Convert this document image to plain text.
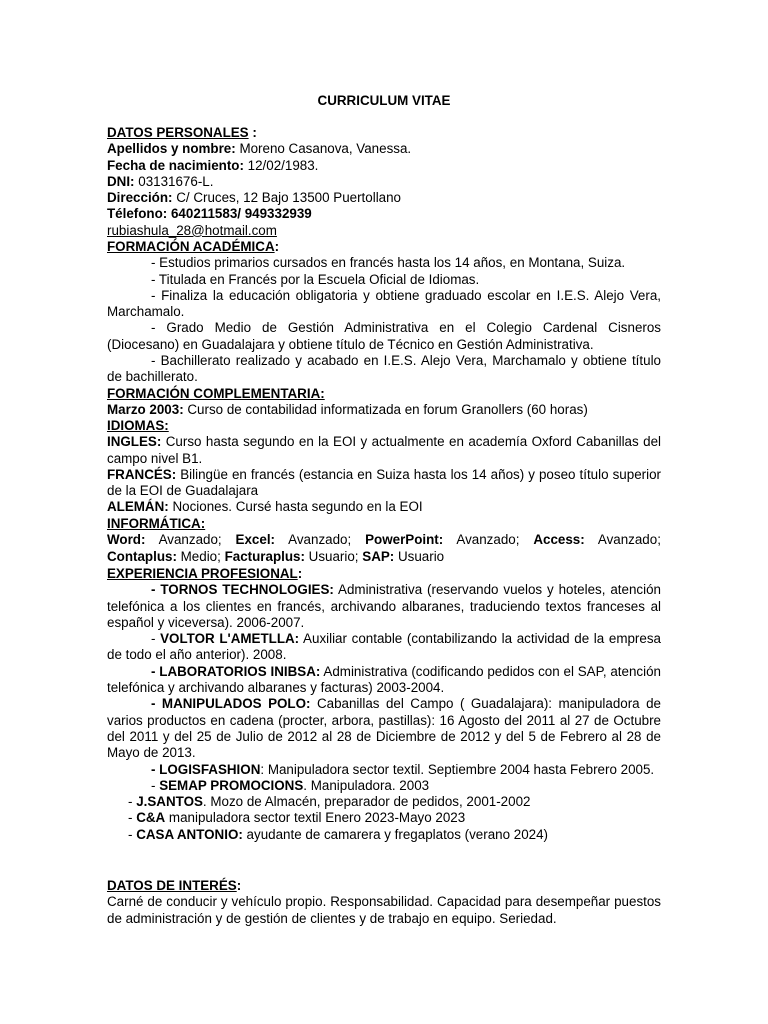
CURRICULUM VITAE
DATOS PERSONALES :
Apellidos y nombre: Moreno Casanova, Vanessa.
Fecha de nacimiento: 12/02/1983.
DNI: 03131676-L.
Dirección: C/ Cruces, 12 Bajo 13500 Puertollano
Télefono: 640211583/ 949332939
rubiashula_28@hotmail.com
FORMACIÓN ACADÉMICA:
- Estudios primarios cursados en francés hasta los 14 años, en Montana, Suiza.
- Titulada en Francés por la Escuela Oficial de Idiomas.
- Finaliza la educación obligatoria y obtiene graduado escolar en I.E.S. Alejo Vera, Marchamalo.
- Grado Medio de Gestión Administrativa en el Colegio Cardenal Cisneros (Diocesano) en Guadalajara y obtiene título de Técnico en Gestión Administrativa.
- Bachillerato realizado y acabado en I.E.S. Alejo Vera, Marchamalo y obtiene título de bachillerato.
FORMACIÓN COMPLEMENTARIA:
Marzo 2003: Curso de contabilidad informatizada en forum Granollers (60 horas)
IDIOMAS:
INGLES: Curso hasta segundo en la EOI y actualmente en academía Oxford Cabanillas del campo nivel B1.
FRANCÉS: Bilingüe en francés (estancia en Suiza hasta los 14 años) y poseo título superior de la EOI de Guadalajara
ALEMÁN: Nociones. Cursé hasta segundo en la EOI
INFORMÁTICA:
Word: Avanzado; Excel: Avanzado; PowerPoint: Avanzado; Access: Avanzado; Contaplus: Medio; Facturaplus: Usuario; SAP: Usuario
EXPERIENCIA PROFESIONAL:
- TORNOS TECHNOLOGIES: Administrativa (reservando vuelos y hoteles, atención telefónica a los clientes en francés, archivando albaranes, traduciendo textos franceses al español y viceversa). 2006-2007.
- VOLTOR L'AMETLLA: Auxiliar contable (contabilizando la actividad de la empresa de todo el año anterior). 2008.
- LABORATORIOS INIBSA: Administrativa (codificando pedidos con el SAP, atención telefónica y archivando albaranes y facturas) 2003-2004.
- MANIPULADOS POLO: Cabanillas del Campo ( Guadalajara): manipuladora de varios productos en cadena (procter, arbora, pastillas): 16 Agosto del 2011 al 27 de Octubre del 2011 y del 25 de Julio de 2012 al 28 de Diciembre de 2012 y del 5 de Febrero al 28 de Mayo de 2013.
- LOGISFASHION: Manipuladora sector textil. Septiembre 2004 hasta Febrero 2005.
- SEMAP PROMOCIONS. Manipuladora. 2003
- J.SANTOS. Mozo de Almacén, preparador de pedidos, 2001-2002
- C&A manipuladora sector textil Enero 2023-Mayo 2023
- CASA ANTONIO: ayudante de camarera y fregaplatos (verano 2024)
DATOS DE INTERÉS:
Carné de conducir y vehículo propio. Responsabilidad. Capacidad para desempeñar puestos de administración y de gestión de clientes y de trabajo en equipo. Seriedad.
